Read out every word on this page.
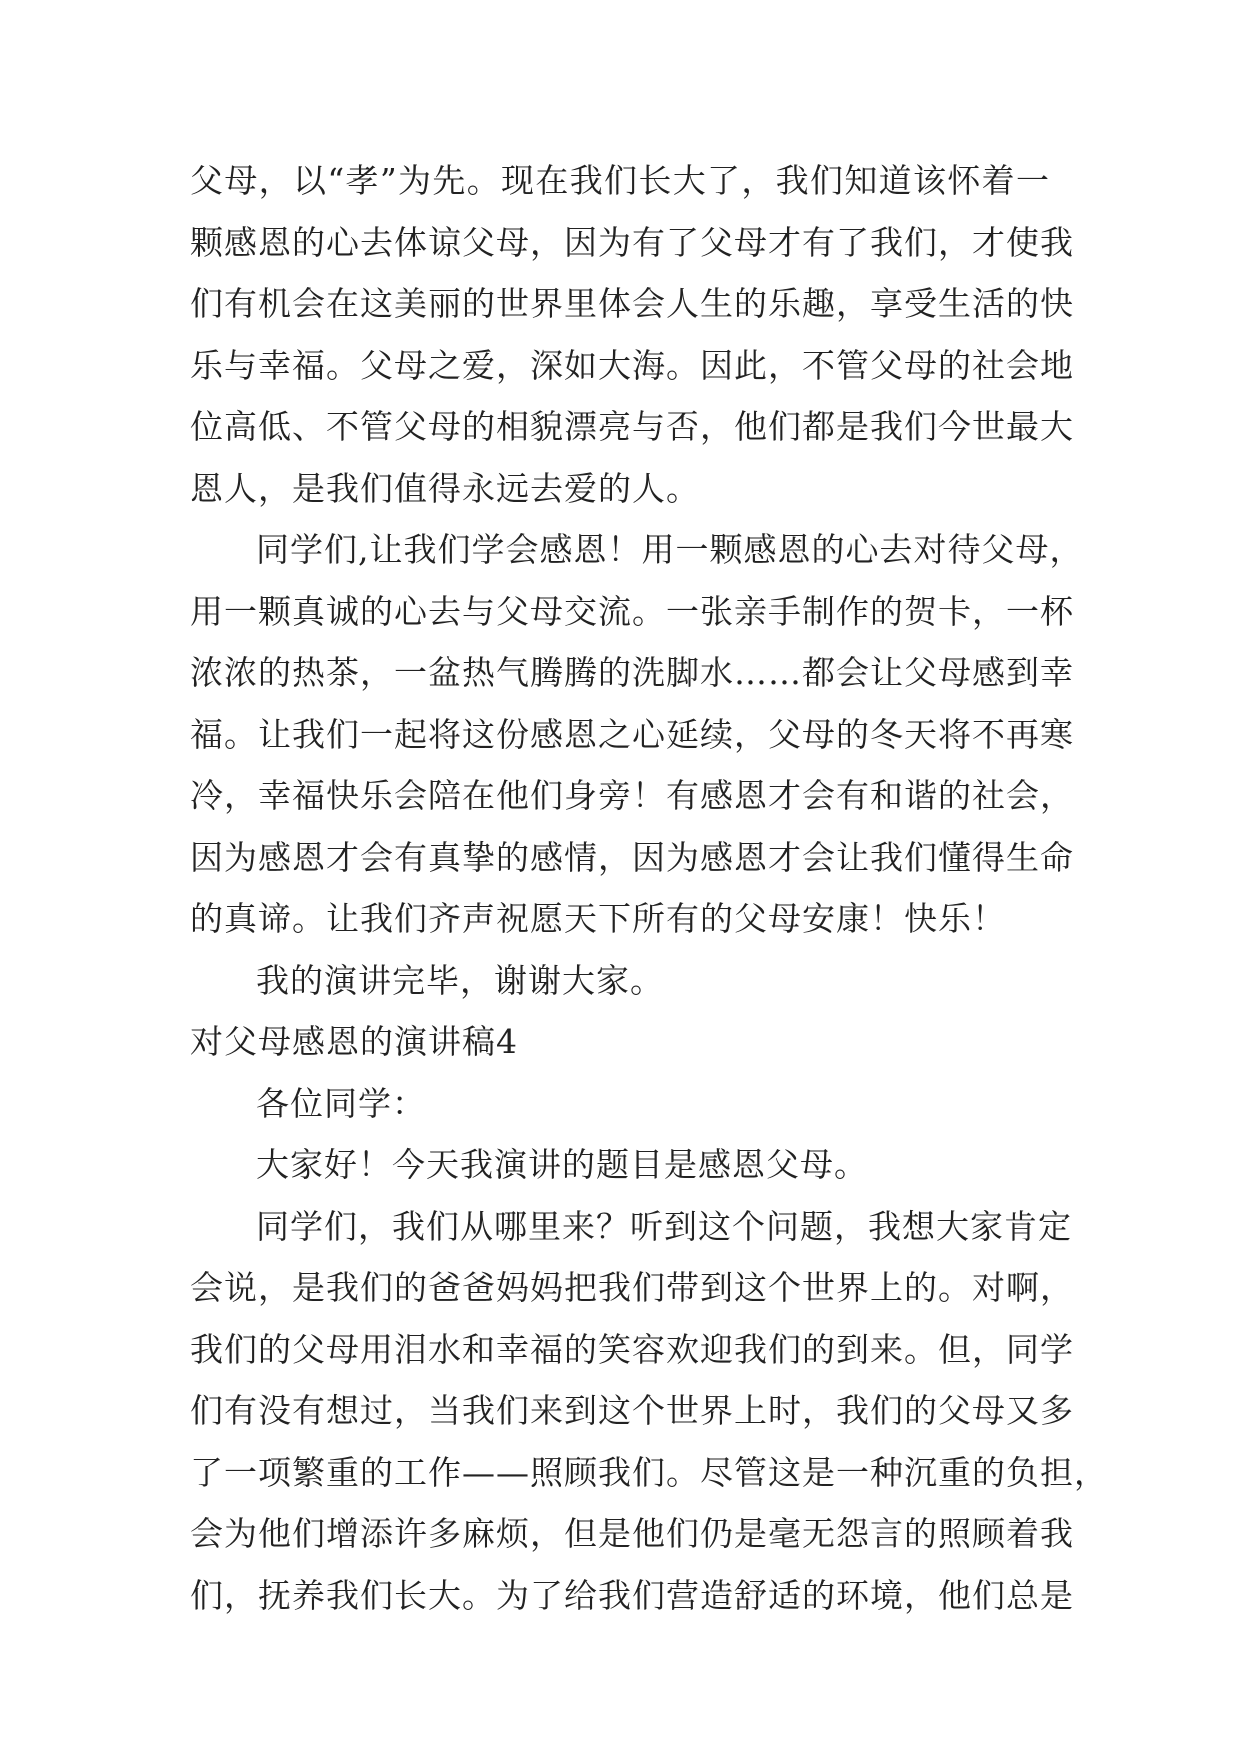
父母，以“孝”为先。现在我们长大了，我们知道该怀着一
颗感恩的心去体谅父母，因为有了父母才有了我们，才使我
们有机会在这美丽的世界里体会人生的乐趣，享受生活的快
乐与幸福。父母之爱，深如大海。因此，不管父母的社会地
位高低、不管父母的相貌漂亮与否，他们都是我们今世最大
恩人，是我们值得永远去爱的人。
同学们,让我们学会感恩！用一颗感恩的心去对待父母，
用一颗真诚的心去与父母交流。一张亲手制作的贺卡，一杯
浓浓的热茶，一盆热气腾腾的洗脚水……都会让父母感到幸
福。让我们一起将这份感恩之心延续，父母的冬天将不再寒
冷，幸福快乐会陪在他们身旁！有感恩才会有和谐的社会，
因为感恩才会有真挚的感情，因为感恩才会让我们懂得生命
的真谛。让我们齐声祝愿天下所有的父母安康！快乐！
我的演讲完毕，谢谢大家。
对父母感恩的演讲稿4
各位同学：
大家好！今天我演讲的题目是感恩父母。
同学们，我们从哪里来？听到这个问题，我想大家肯定
会说，是我们的爸爸妈妈把我们带到这个世界上的。对啊，
我们的父母用泪水和幸福的笑容欢迎我们的到来。但，同学
们有没有想过，当我们来到这个世界上时，我们的父母又多
了一项繁重的工作——照顾我们。尽管这是一种沉重的负担，
会为他们增添许多麻烦，但是他们仍是毫无怨言的照顾着我
们，抚养我们长大。为了给我们营造舒适的环境，他们总是
